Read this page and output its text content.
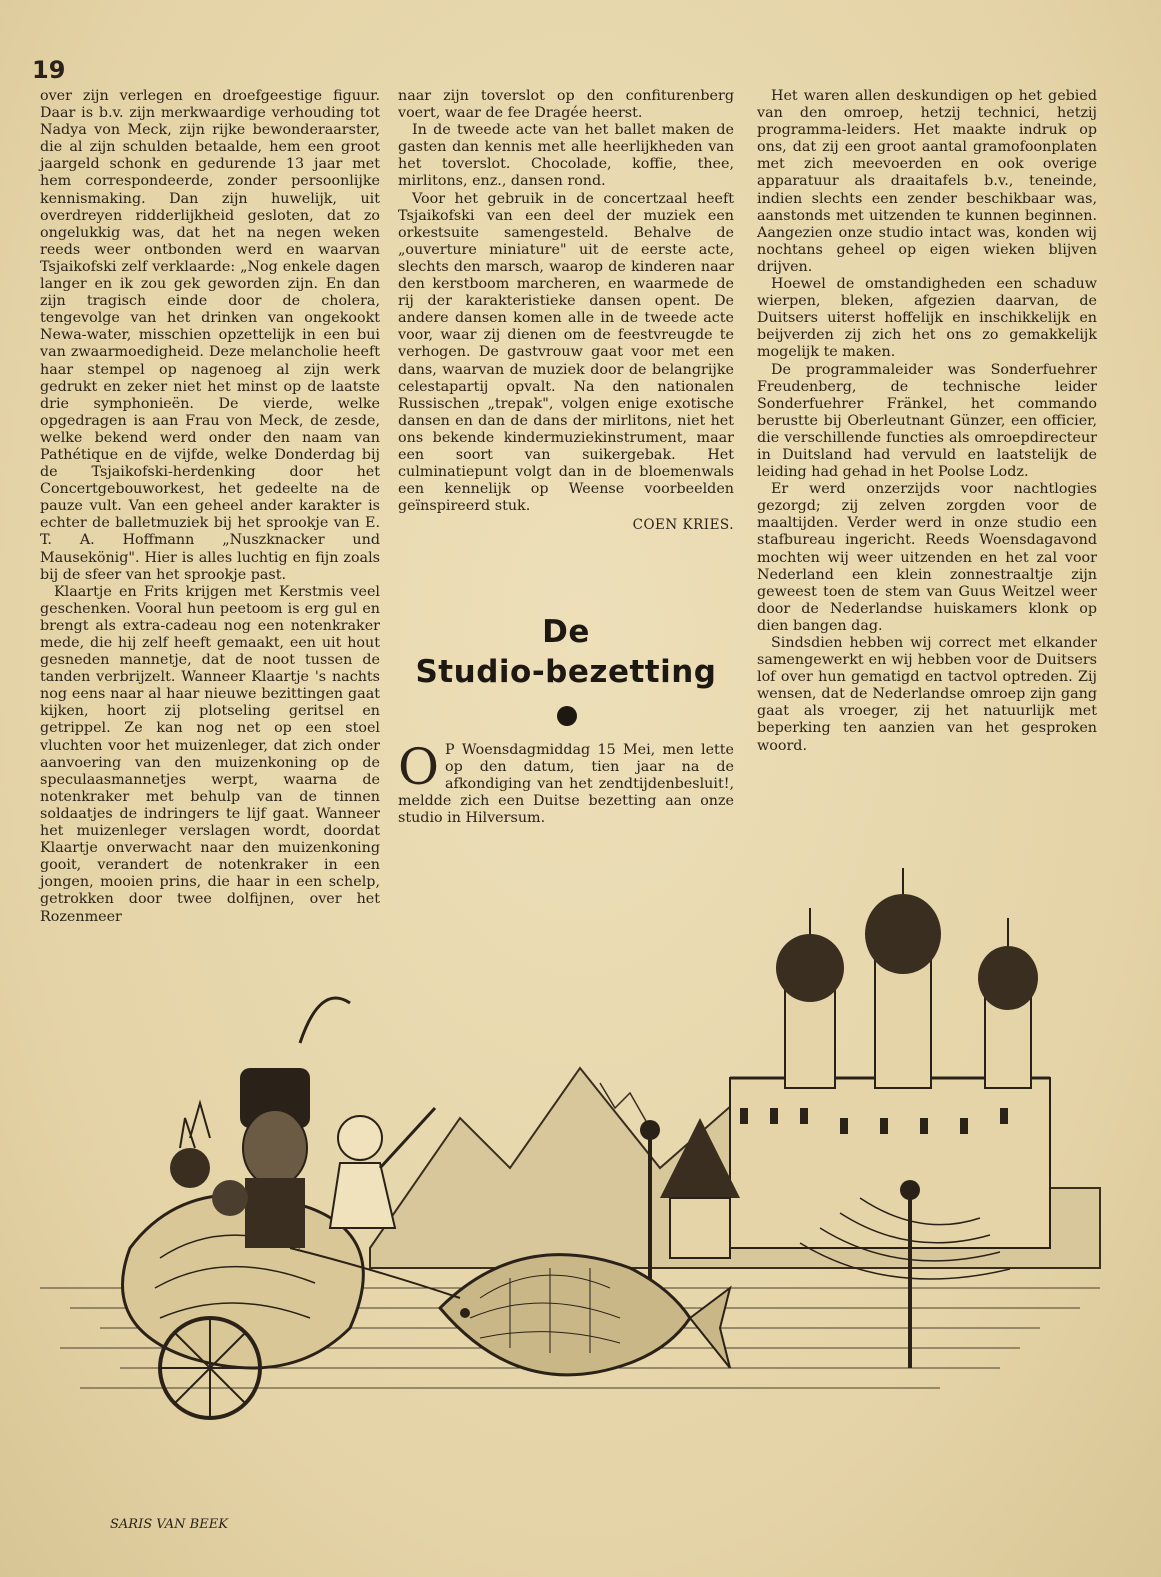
19

over zijn verlegen en droefgeestige figuur. Daar is b.v. zijn merkwaardige verhouding tot Nadya von Meck, zijn rijke bewonderaarster, die al zijn schulden betaalde, hem een groot jaargeld schonk en gedurende 13 jaar met hem correspondeerde, zonder persoonlijke kennismaking. Dan zijn huwelijk, uit overdreyen ridderlijkheid gesloten, dat zo ongelukkig was, dat het na negen weken reeds weer ontbonden werd en waarvan Tsjaikofski zelf verklaarde: „Nog enkele dagen langer en ik zou gek geworden zijn. En dan zijn tragisch einde door de cholera, tengevolge van het drinken van ongekookt Newa-water, misschien opzettelijk in een bui van zwaarmoedigheid. Deze melancholie heeft haar stempel op nagenoeg al zijn werk gedrukt en zeker niet het minst op de laatste drie symphonieën. De vierde, welke opgedragen is aan Frau von Meck, de zesde, welke bekend werd onder den naam van Pathétique en de vijfde, welke Donderdag bij de Tsjaikofski-herdenking door het Concertgebouworkest, het gedeelte na de pauze vult. Van een geheel ander karakter is echter de balletmuziek bij het sprookje van E. T. A. Hoffmann „Nuszknacker und Mausekönig". Hier is alles luchtig en fijn zoals bij de sfeer van het sprookje past.

Klaartje en Frits krijgen met Kerstmis veel geschenken. Vooral hun peetoom is erg gul en brengt als extra-cadeau nog een notenkraker mede, die hij zelf heeft gemaakt, een uit hout gesneden mannetje, dat de noot tussen de tanden verbrijzelt. Wanneer Klaartje 's nachts nog eens naar al haar nieuwe bezittingen gaat kijken, hoort zij plotseling geritsel en getrippel. Ze kan nog net op een stoel vluchten voor het muizenleger, dat zich onder aanvoering van den muizenkoning op de speculaasmannetjes werpt, waarna de notenkraker met behulp van de tinnen soldaatjes de indringers te lijf gaat. Wanneer het muizenleger verslagen wordt, doordat Klaartje onverwacht naar den muizenkoning gooit, verandert de notenkraker in een jongen, mooien prins, die haar in een schelp, getrokken door twee dolfijnen, over het Rozenmeer

naar zijn toverslot op den confiturenberg voert, waar de fee Dragée heerst.

In de tweede acte van het ballet maken de gasten dan kennis met alle heerlijkheden van het toverslot. Chocolade, koffie, thee, mirlitons, enz., dansen rond.

Voor het gebruik in de concertzaal heeft Tsjaikofski van een deel der muziek een orkestsuite samengesteld. Behalve de „ouverture miniature" uit de eerste acte, slechts den marsch, waarop de kinderen naar den kerstboom marcheren, en waarmede de rij der karakteristieke dansen opent. De andere dansen komen alle in de tweede acte voor, waar zij dienen om de feestvreugde te verhogen. De gastvrouw gaat voor met een dans, waarvan de muziek door de belangrijke celestapartij opvalt. Na den nationalen Russischen „trepak", volgen enige exotische dansen en dan de dans der mirlitons, niet het ons bekende kindermuziekinstrument, maar een soort van suikergebak. Het culminatiepunt volgt dan in de bloemenwals een kennelijk op Weense voorbeelden geïnspireerd stuk.

COEN KRIES.

De
Studio-bezetting

O P Woensdagmiddag 15 Mei, men lette op den datum, tien jaar na de afkondiging van het zendtijdenbesluit!, meldde zich een Duitse bezetting aan onze studio in Hilversum.

Het waren allen deskundigen op het gebied van den omroep, hetzij technici, hetzij programma-leiders. Het maakte indruk op ons, dat zij een groot aantal gramofoonplaten met zich meevoerden en ook overige apparatuur als draaitafels b.v., teneinde, indien slechts een zender beschikbaar was, aanstonds met uitzenden te kunnen beginnen. Aangezien onze studio intact was, konden wij nochtans geheel op eigen wieken blijven drijven.

Hoewel de omstandigheden een schaduw wierpen, bleken, afgezien daarvan, de Duitsers uiterst hoffelijk en inschikkelijk en beijverden zij zich het ons zo gemakkelijk mogelijk te maken.

De programmaleider was Sonderfuehrer Freudenberg, de technische leider Sonderfuehrer Fränkel, het commando berustte bij Oberleutnant Günzer, een officier, die verschillende functies als omroepdirecteur in Duitsland had vervuld en laatstelijk de leiding had gehad in het Poolse Lodz.

Er werd onzerzijds voor nachtlogies gezorgd; zij zelven zorgden voor de maaltijden. Verder werd in onze studio een stafbureau ingericht. Reeds Woensdagavond mochten wij weer uitzenden en het zal voor Nederland een klein zonnestraaltje zijn geweest toen de stem van Guus Weitzel weer door de Nederlandse huiskamers klonk op dien bangen dag.

Sindsdien hebben wij correct met elkander samengewerkt en wij hebben voor de Duitsers lof over hun gematigd en tactvol optreden. Zij wensen, dat de Nederlandse omroep zijn gang gaat als vroeger, zij het natuurlijk met beperking ten aanzien van het gesproken woord.

SARIS VAN BEEK
